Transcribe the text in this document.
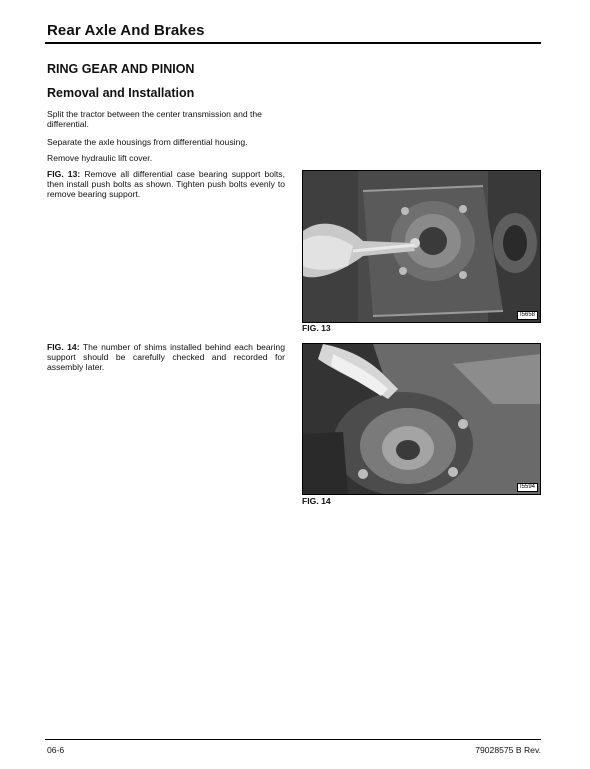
Rear Axle And Brakes
RING GEAR AND PINION
Removal and Installation

Split the tractor between the center transmission and the differential.

Separate the axle housings from differential housing.

Remove hydraulic lift cover.

FIG. 13: Remove all differential case bearing support bolts, then install push bolts as shown. Tighten push bolts evenly to remove bearing support.

FIG. 14: The number of shims installed behind each bearing support should be carefully checked and recorded for assembly later.

I5658
FIG. 13
I5594
FIG. 14
06-6	79028575 B Rev.
